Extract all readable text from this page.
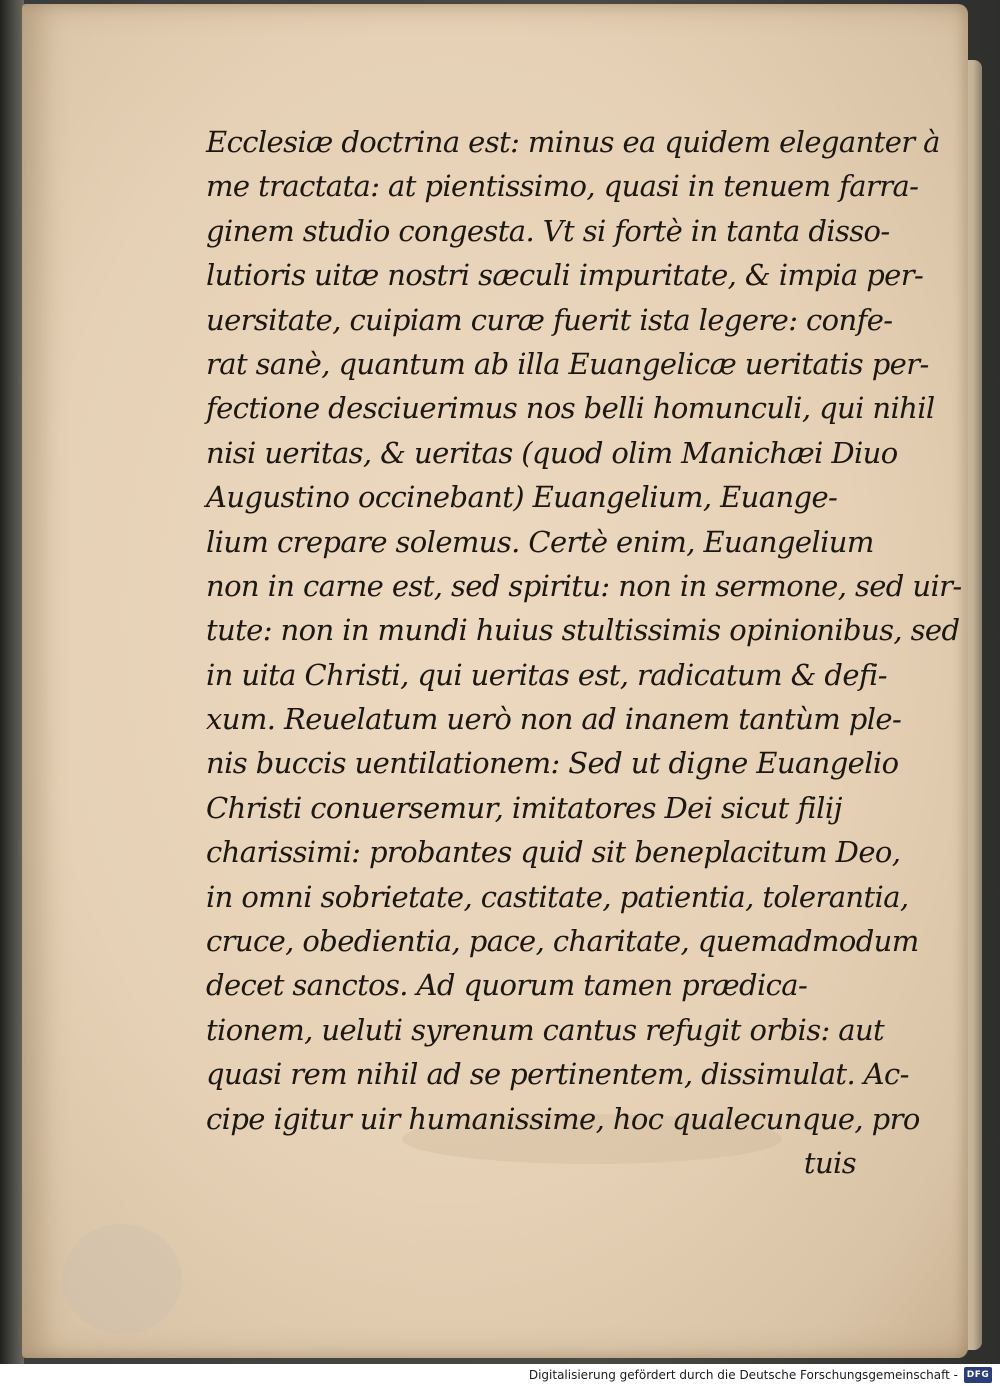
Ecclesiæ doctrina est: minus ea quidem eleganter à

me tractata: at pientissimo, quasi in tenuem farra-

ginem studio congesta. Vt si fortè in tanta disso-

lutioris uitæ nostri sæculi impuritate, & impia per-

uersitate, cuipiam curæ fuerit ista legere: confe-

rat sanè, quantum ab illa Euangelicæ ueritatis per-

fectione desciuerimus nos belli homunculi, qui nihil

nisi ueritas, & ueritas (quod olim Manichæi Diuo

Augustino occinebant) Euangelium, Euange-

lium crepare solemus. Certè enim, Euangelium

non in carne est, sed spiritu: non in sermone, sed uir-

tute: non in mundi huius stultissimis opinionibus, sed

in uita Christi, qui ueritas est, radicatum & defi-

xum. Reuelatum uerò non ad inanem tantùm ple-

nis buccis uentilationem: Sed ut digne Euangelio

Christi conuersemur, imitatores Dei sicut filij

charissimi: probantes quid sit beneplacitum Deo,

in omni sobrietate, castitate, patientia, tolerantia,

cruce, obedientia, pace, charitate, quemadmodum

decet sanctos. Ad quorum tamen prædica-

tionem, ueluti syrenum cantus refugit orbis: aut

quasi rem nihil ad se pertinentem, dissimulat. Ac-

cipe igitur uir humanissime, hoc qualecunque, pro

tuis

Digitalisierung gefördert durch die Deutsche Forschungsgemeinschaft - DFG
